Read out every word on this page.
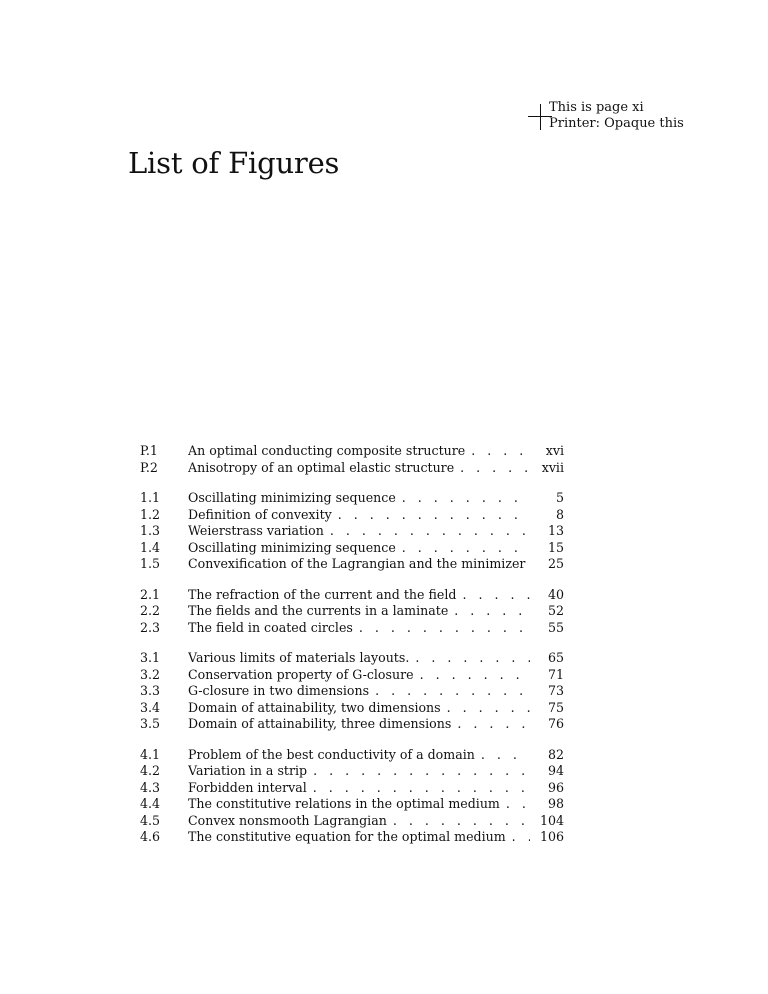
This is page xi
Printer: Opaque this
List of Figures
P.1	An optimal conducting composite structure . . .	xvi
P.2	Anisotropy of an optimal elastic structure . . .	xvii
1.1	Oscillating minimizing sequence . . .	5
1.2	Definition of convexity . . .	8
1.3	Weierstrass variation . . .	13
1.4	Oscillating minimizing sequence . . .	15
1.5	Convexification of the Lagrangian and the minimizer . . .	25
2.1	The refraction of the current and the field . . .	40
2.2	The fields and the currents in a laminate . . .	52
2.3	The field in coated circles . . .	55
3.1	Various limits of materials layouts. . . .	65
3.2	Conservation property of G-closure . . .	71
3.3	G-closure in two dimensions . . .	73
3.4	Domain of attainability, two dimensions . . .	75
3.5	Domain of attainability, three dimensions . . .	76
4.1	Problem of the best conductivity of a domain . . .	82
4.2	Variation in a strip . . .	94
4.3	Forbidden interval . . .	96
4.4	The constitutive relations in the optimal medium . . .	98
4.5	Convex nonsmooth Lagrangian . . .	104
4.6	The constitutive equation for the optimal medium . . .	106
